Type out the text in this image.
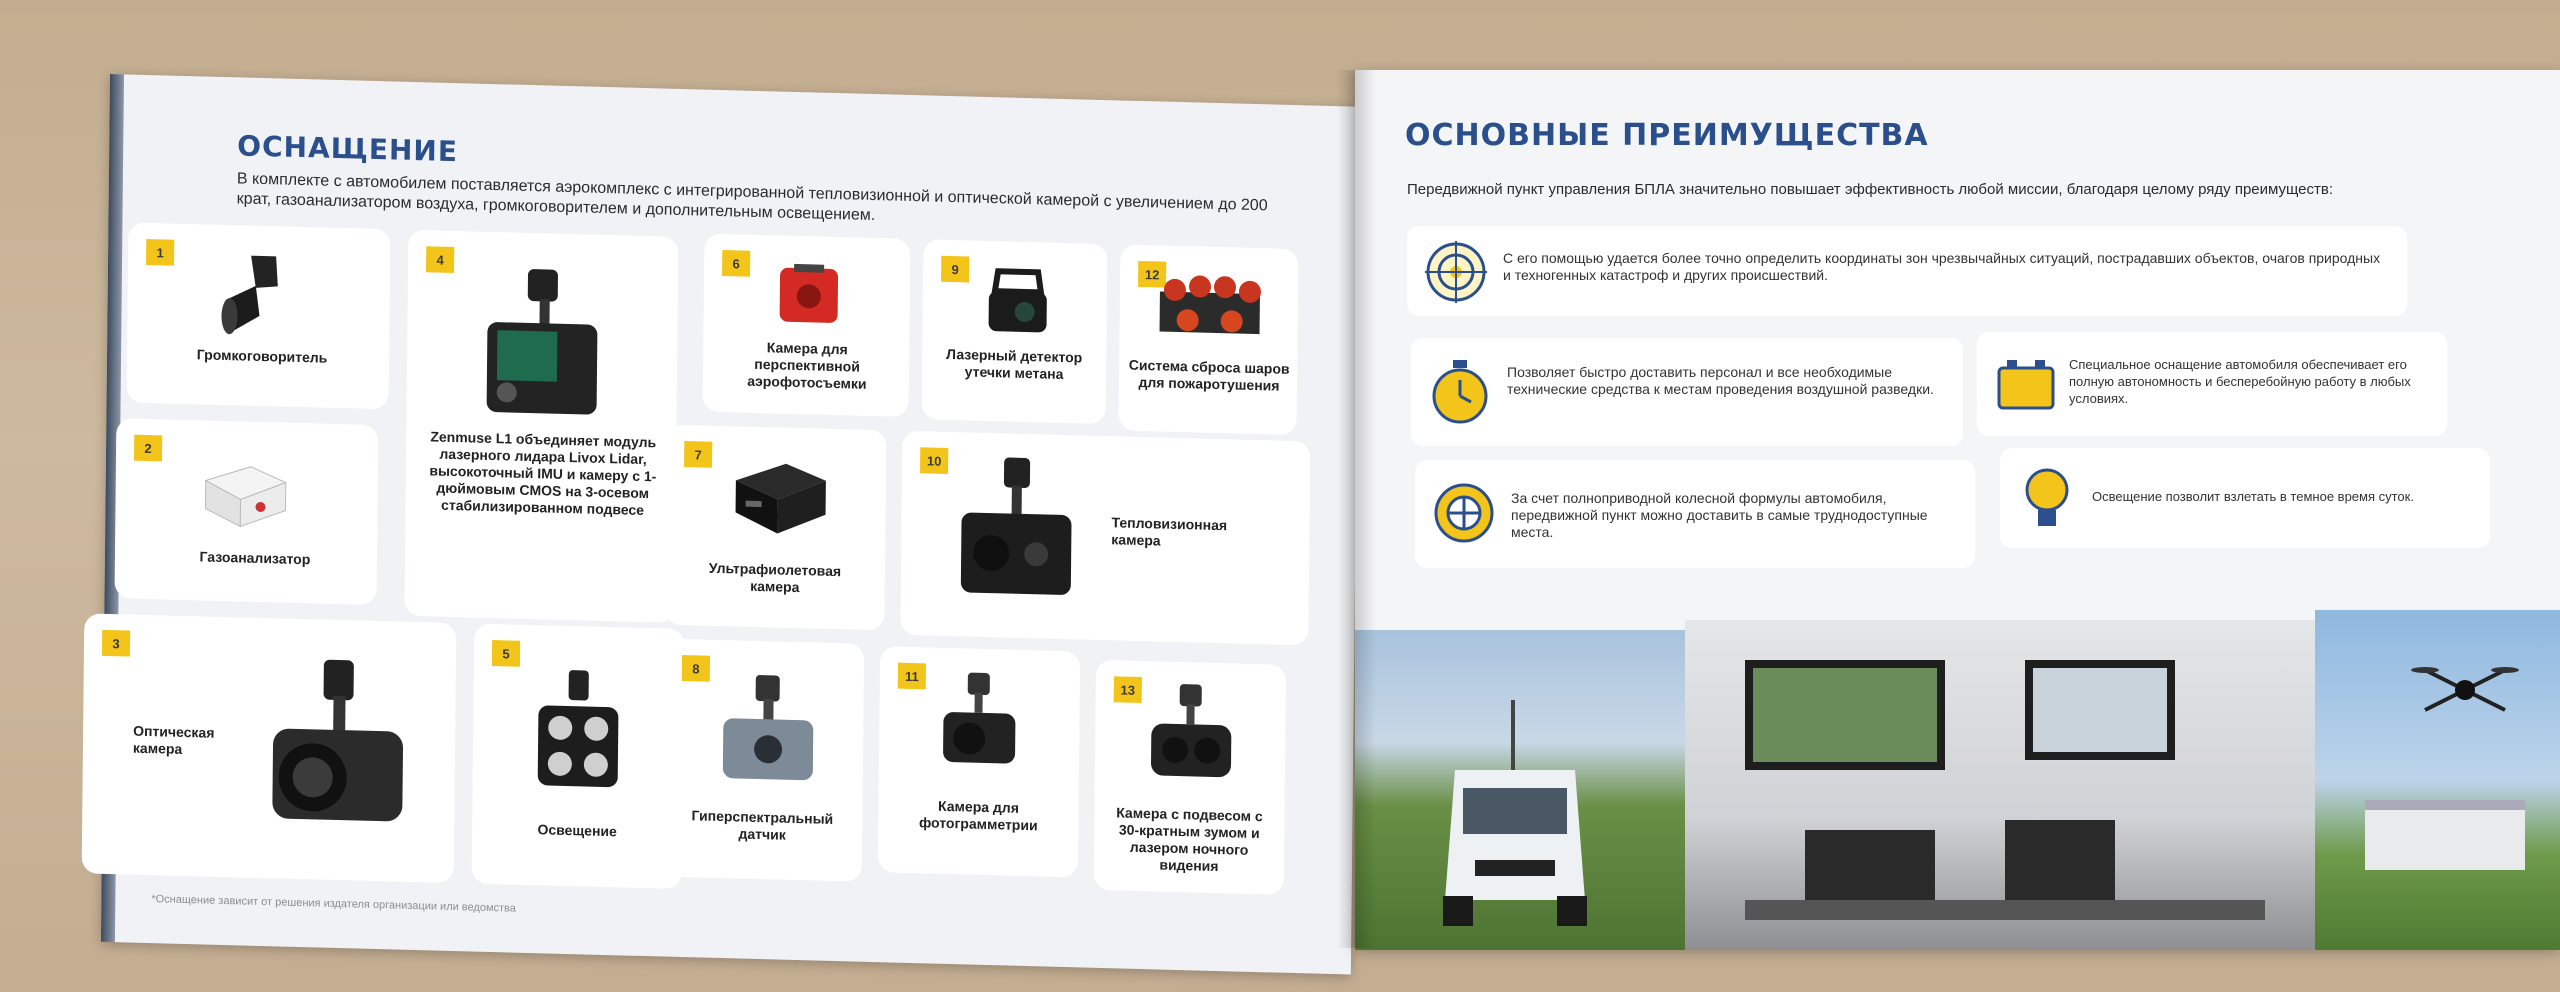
ОСНАЩЕНИЕ
В комплекте с автомобилем поставляется аэрокомплекс с интегрированной тепловизионной и оптической камерой с увеличением до 200 крат, газоанализатором воздуха, громкоговорителем и дополнительным освещением.
1
Громкоговоритель
2
Газоанализатор
3
Оптическая камера
4
Zenmuse L1 объединяет модуль лазерного лидара Livox Lidar, высокоточный IMU и камеру с 1-дюймовым CMOS на 3-осевом стабилизированном подвесе
5
Освещение
6
Камера для перспективной аэрофотосъемки
7
Ультрафиолетовая камера
8
Гиперспектральный датчик
9
Лазерный детектор утечки метана
10
Тепловизионная камера
11
Камера для фотограмметрии
12
Система сброса шаров для пожаротушения
13
Камера с подвесом с 30-кратным зумом и лазером ночного видения
*Оснащение зависит от решения издателя организации или ведомства
ОСНОВНЫЕ ПРЕИМУЩЕСТВА
Передвижной пункт управления БПЛА значительно повышает эффективность любой миссии, благодаря целому ряду преимуществ:
С его помощью удается более точно определить координаты зон чрезвычайных ситуаций, пострадавших объектов, очагов природных и техногенных катастроф и других происшествий.
Позволяет быстро доставить персонал и все необходимые технические средства к местам проведения воздушной разведки.
Специальное оснащение автомобиля обеспечивает его полную автономность и бесперебойную работу в любых условиях.
За счет полноприводной колесной формулы автомобиля, передвижной пункт можно доставить в самые труднодоступные места.
Освещение позволит взлетать в темное время суток.
